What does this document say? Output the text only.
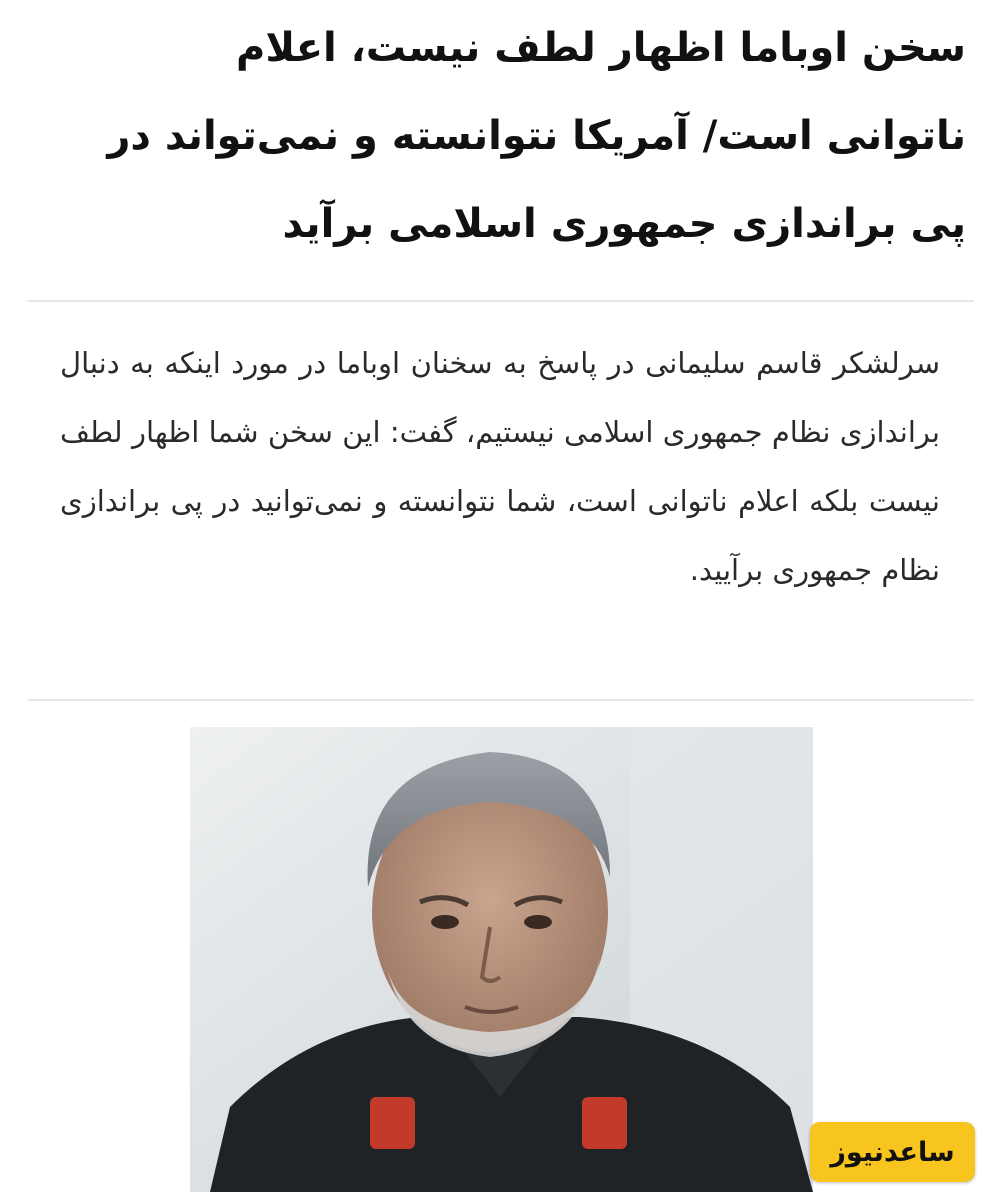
سخن اوباما اظهار لطف نیست، اعلام ناتوانی است/ آمریکا نتوانسته و نمی‌تواند در پی براندازی جمهوری اسلامی برآید

سرلشکر قاسم سلیمانی در پاسخ به سخنان اوباما در مورد اینکه به دنبال براندازی نظام جمهوری اسلامی نیستیم، گفت: این سخن شما اظهار لطف نیست بلکه اعلام ناتوانی است، شما نتوانسته و نمی‌توانید در پی براندازی نظام جمهوری برآیید.

ساعدنیوز
